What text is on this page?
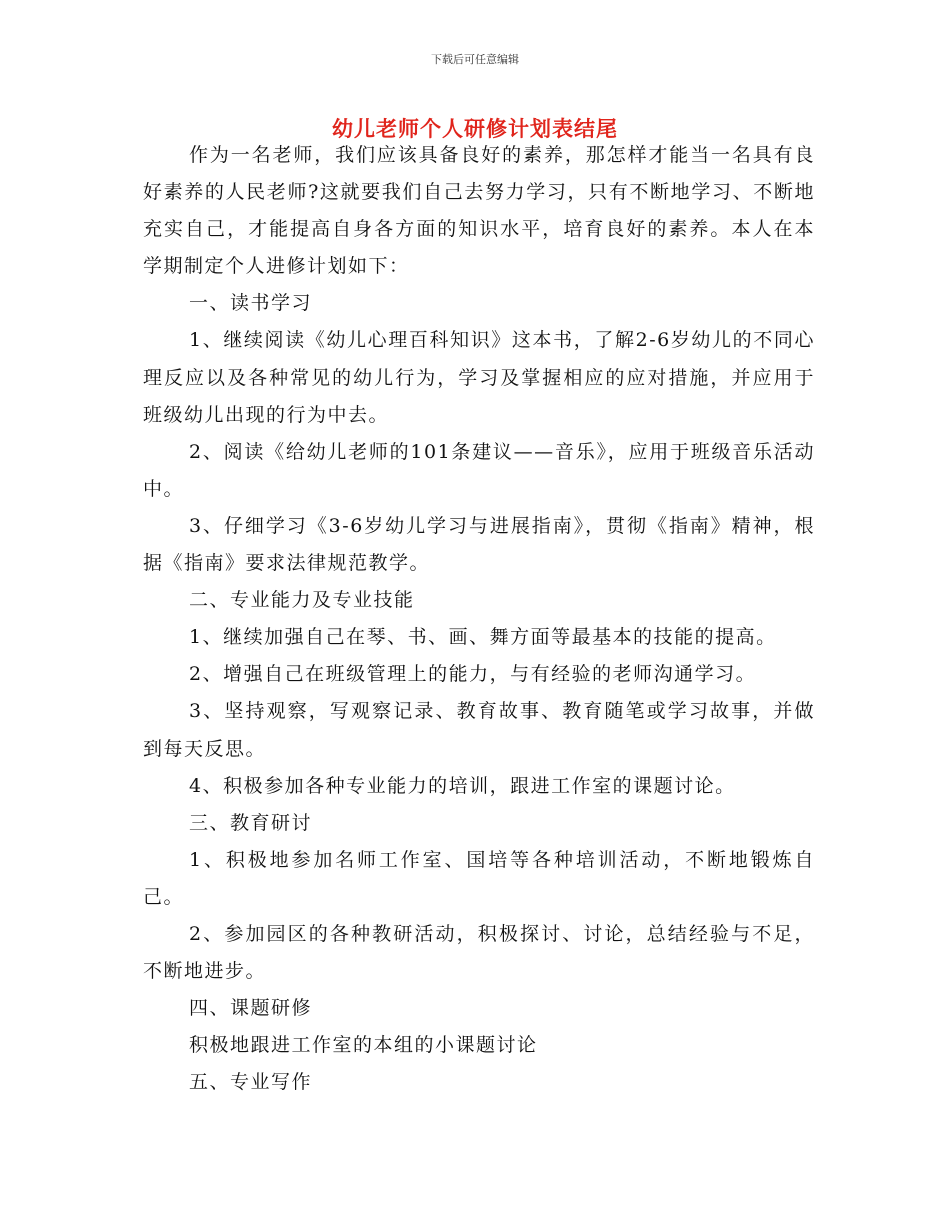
下载后可任意编辑
幼儿老师个人研修计划表结尾

作为一名老师，我们应该具备良好的素养，那怎样才能当一名具有良好素养的人民老师?这就要我们自己去努力学习，只有不断地学习、不断地充实自己，才能提高自身各方面的知识水平，培育良好的素养。本人在本学期制定个人进修计划如下：

一、读书学习

1、继续阅读《幼儿心理百科知识》这本书，了解2-6岁幼儿的不同心理反应以及各种常见的幼儿行为，学习及掌握相应的应对措施，并应用于班级幼儿出现的行为中去。

2、阅读《给幼儿老师的101条建议——音乐》，应用于班级音乐活动中。

3、仔细学习《3-6岁幼儿学习与进展指南》，贯彻《指南》精神，根据《指南》要求法律规范教学。

二、专业能力及专业技能

1、继续加强自己在琴、书、画、舞方面等最基本的技能的提高。

2、增强自己在班级管理上的能力，与有经验的老师沟通学习。

3、坚持观察，写观察记录、教育故事、教育随笔或学习故事，并做到每天反思。

4、积极参加各种专业能力的培训，跟进工作室的课题讨论。

三、教育研讨

1、积极地参加名师工作室、国培等各种培训活动，不断地锻炼自己。

2、参加园区的各种教研活动，积极探讨、讨论，总结经验与不足，不断地进步。

四、课题研修

积极地跟进工作室的本组的小课题讨论

五、专业写作
